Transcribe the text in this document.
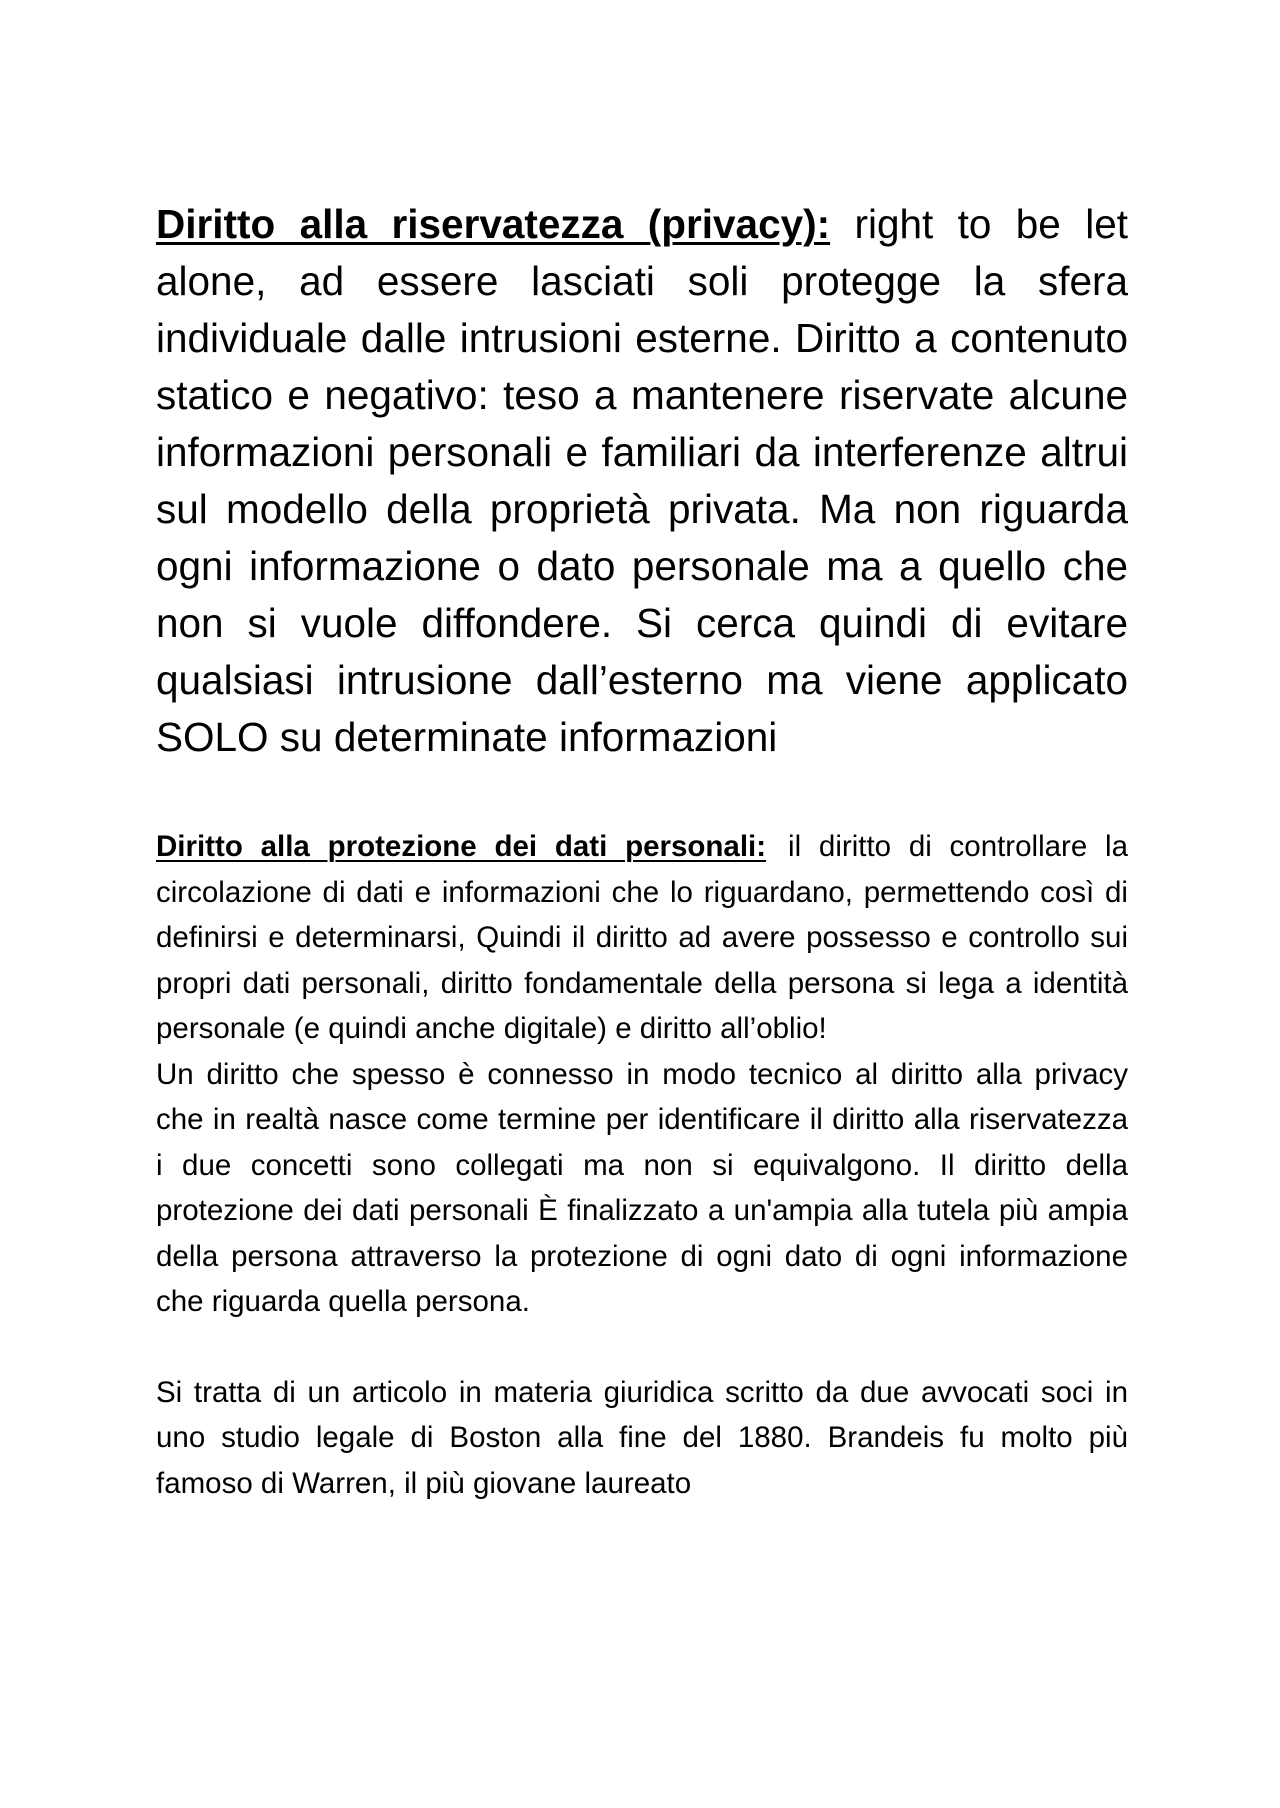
Diritto alla riservatezza (privacy): right to be let alone, ad essere lasciati soli protegge la sfera individuale dalle intrusioni esterne. Diritto a contenuto statico e negativo: teso a mantenere riservate alcune informazioni personali e familiari da interferenze altrui sul modello della proprietà privata. Ma non riguarda ogni informazione o dato personale ma a quello che non si vuole diffondere. Si cerca quindi di evitare qualsiasi intrusione dall’esterno ma viene applicato SOLO su determinate informazioni

Diritto alla protezione dei dati personali: il diritto di controllare la circolazione di dati e informazioni che lo riguardano, permettendo così di definirsi e determinarsi, Quindi il diritto ad avere possesso e controllo sui propri dati personali, diritto fondamentale della persona si lega a identità personale (e quindi anche digitale) e diritto all’oblio!

Un diritto che spesso è connesso in modo tecnico al diritto alla privacy che in realtà nasce come termine per identificare il diritto alla riservatezza i due concetti sono collegati ma non si equivalgono. Il diritto della protezione dei dati personali È finalizzato a un'ampia alla tutela più ampia della persona attraverso la protezione di ogni dato di ogni informazione che riguarda quella persona.

Si tratta di un articolo in materia giuridica scritto da due avvocati soci in uno studio legale di Boston alla fine del 1880. Brandeis fu molto più famoso di Warren, il più giovane laureato
